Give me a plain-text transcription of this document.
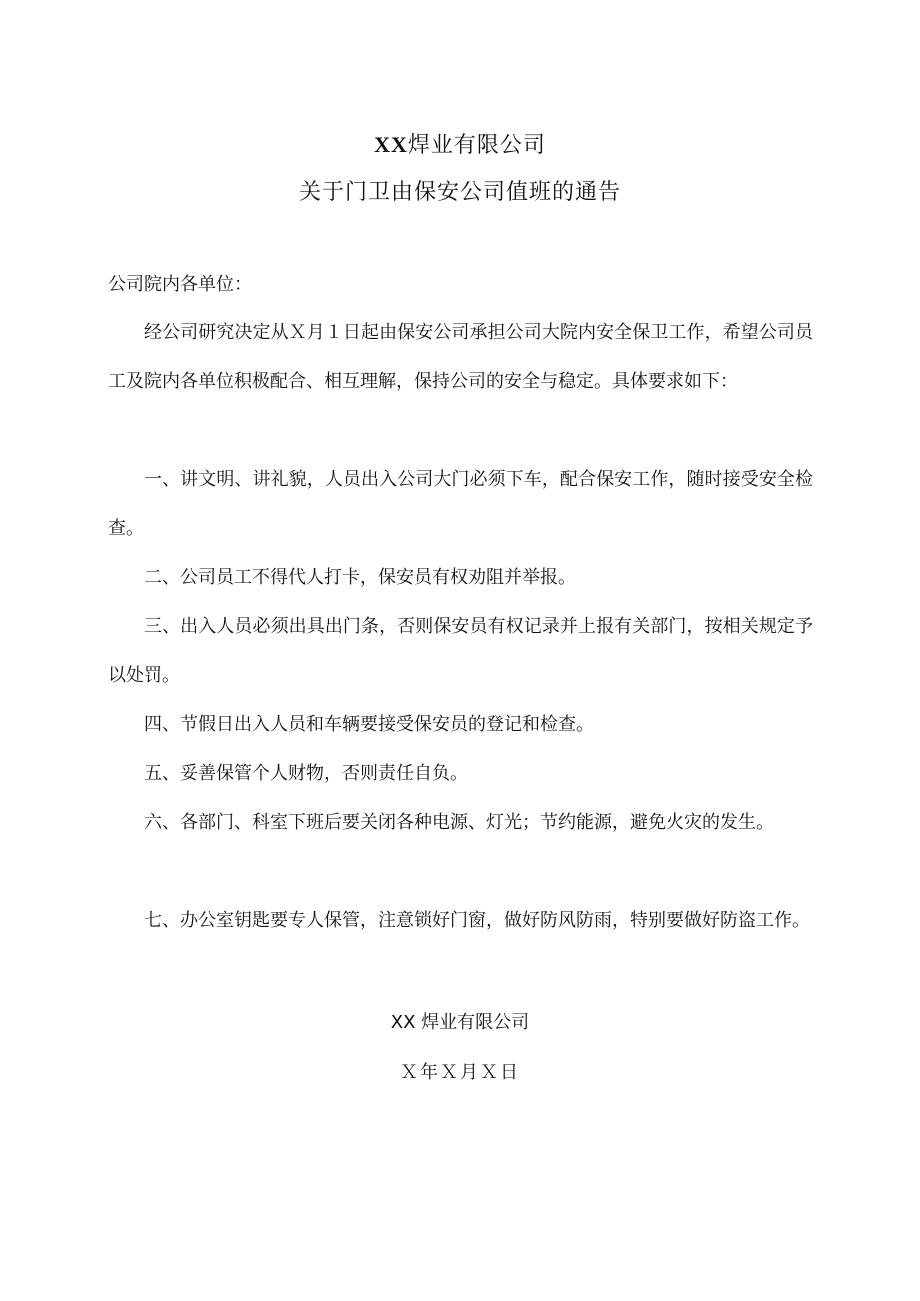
XX焊业有限公司
关于门卫由保安公司值班的通告
公司院内各单位：

经公司研究决定从Ｘ月１日起由保安公司承担公司大院内安全保卫工作，希望公司员工及院内各单位积极配合、相互理解，保持公司的安全与稳定。具体要求如下：

一、讲文明、讲礼貌，人员出入公司大门必须下车，配合保安工作，随时接受安全检查。

二、公司员工不得代人打卡，保安员有权劝阻并举报。

三、出入人员必须出具出门条，否则保安员有权记录并上报有关部门，按相关规定予以处罚。

四、节假日出入人员和车辆要接受保安员的登记和检查。

五、妥善保管个人财物，否则责任自负。

六、各部门、科室下班后要关闭各种电源、灯光；节约能源，避免火灾的发生。

七、办公室钥匙要专人保管，注意锁好门窗，做好防风防雨，特别要做好防盗工作。

XX 焊业有限公司
Ｘ年Ｘ月Ｘ日
